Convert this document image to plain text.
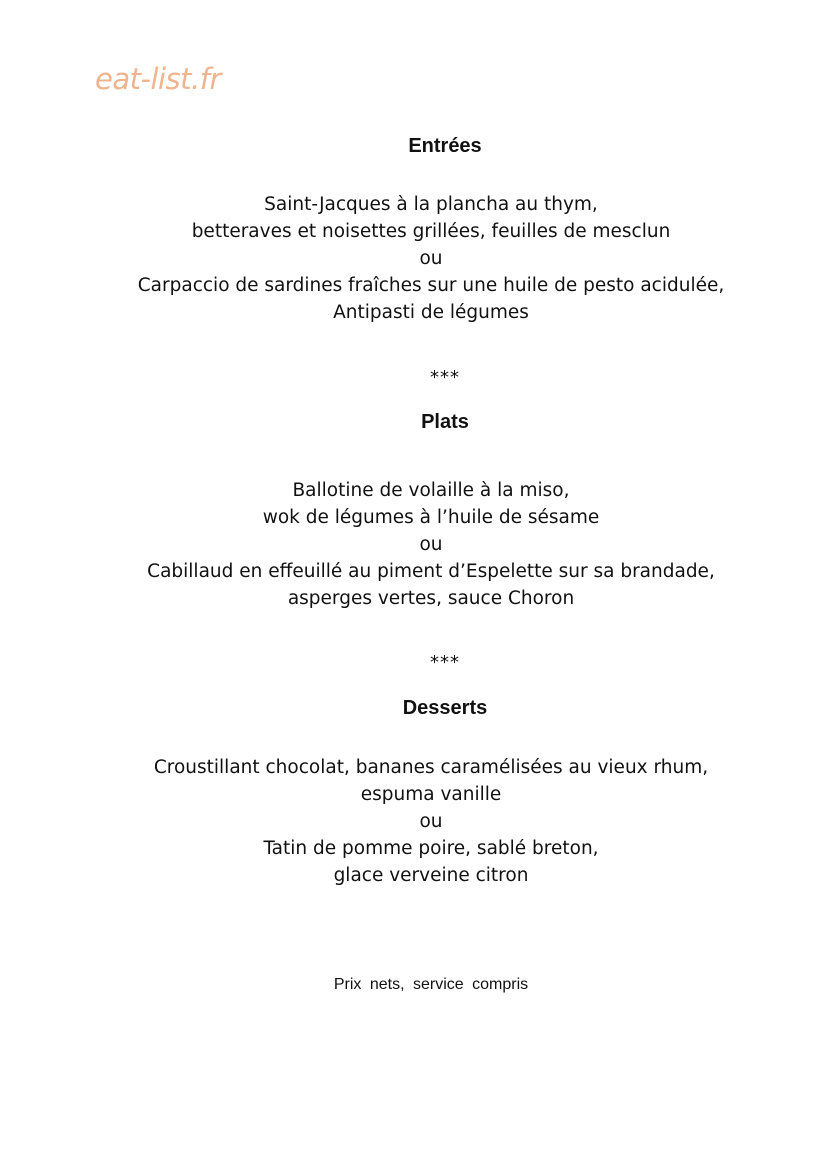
eat-list.fr
Entrées
Saint-Jacques à la plancha au thym,
betteraves et noisettes grillées, feuilles de mesclun
ou
Carpaccio de sardines fraîches sur une huile de pesto acidulée,
Antipasti de légumes
***
Plats
Ballotine de volaille à la miso,
wok de légumes à l’huile de sésame
ou
Cabillaud en effeuillé au piment d’Espelette sur sa brandade,
asperges vertes, sauce Choron
***
Desserts
Croustillant chocolat, bananes caramélisées au vieux rhum,
espuma vanille
ou
Tatin de pomme poire, sablé breton,
glace verveine citron
Prix nets, service compris
